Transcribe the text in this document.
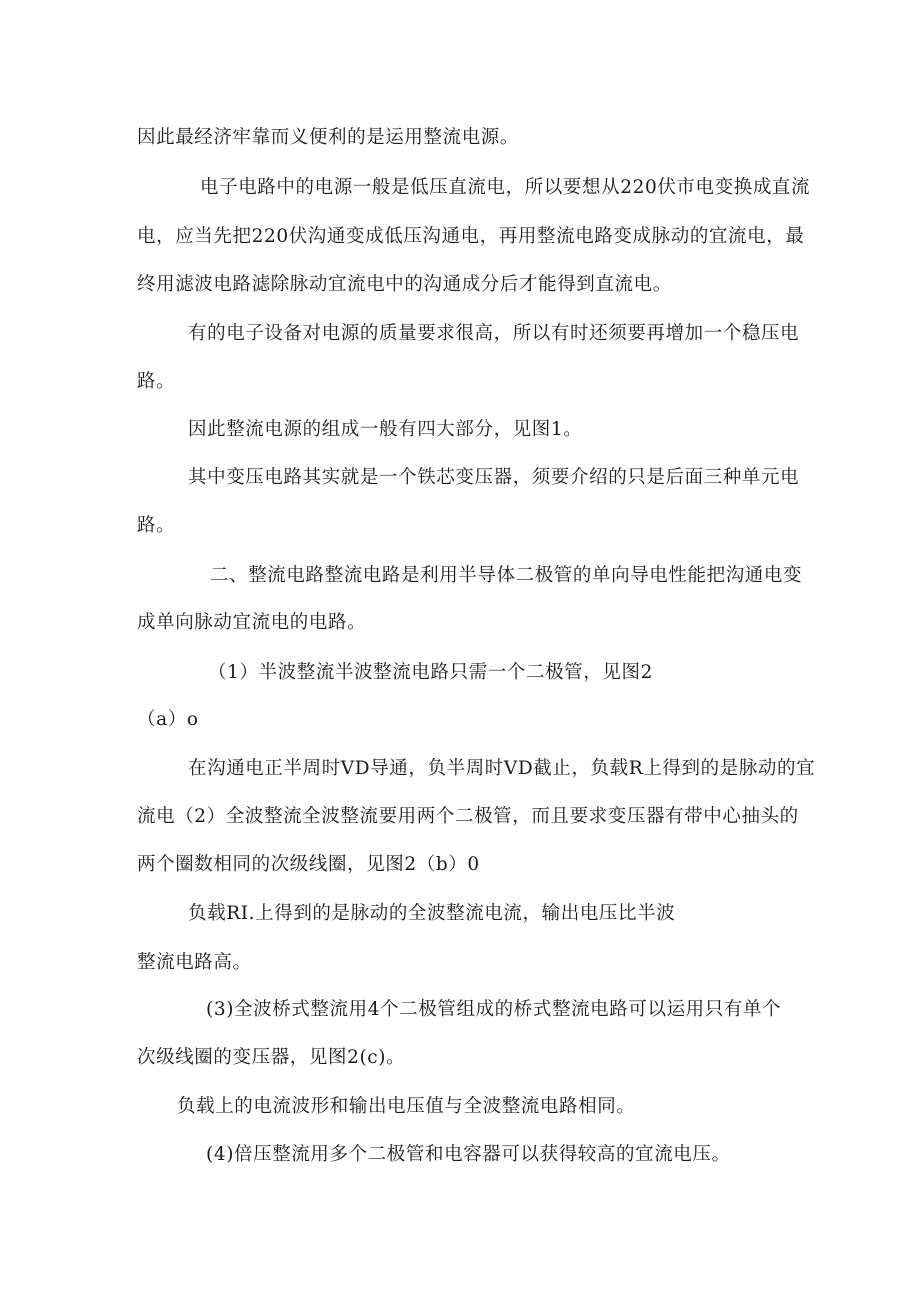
因此最经济牢靠而义便利的是运用整流电源。

电子电路中的电源一般是低压直流电，所以要想从220伏市电变换成直流

电，应当先把220伏沟通变成低压沟通电，再用整流电路变成脉动的宜流电，最

终用滤波电路滤除脉动宜流电中的沟通成分后才能得到直流电。

有的电子设备对电源的质量要求很高，所以有时还须要再增加一个稳压电

路。

因此整流电源的组成一般有四大部分，见图1。

其中变压电路其实就是一个铁芯变压器，须要介绍的只是后面三种单元电

路。

二、整流电路整流电路是利用半导体二极管的单向导电性能把沟通电变

成单向脉动宜流电的电路。

（1）半波整流半波整流电路只需一个二极管，见图2

（a）o

在沟通电正半周时VD导通，负半周时VD截止，负载R上得到的是脉动的宜

流电（2）全波整流全波整流要用两个二极管，而且要求变压器有带中心抽头的

两个圈数相同的次级线圈，见图2（b）0

负载RI.上得到的是脉动的全波整流电流，输出电压比半波

整流电路高。

(3)全波桥式整流用4个二极管组成的桥式整流电路可以运用只有单个

次级线圈的变压器，见图2(c)。

负载上的电流波形和输出电压值与全波整流电路相同。

(4)倍压整流用多个二极管和电容器可以获得较高的宜流电压。
